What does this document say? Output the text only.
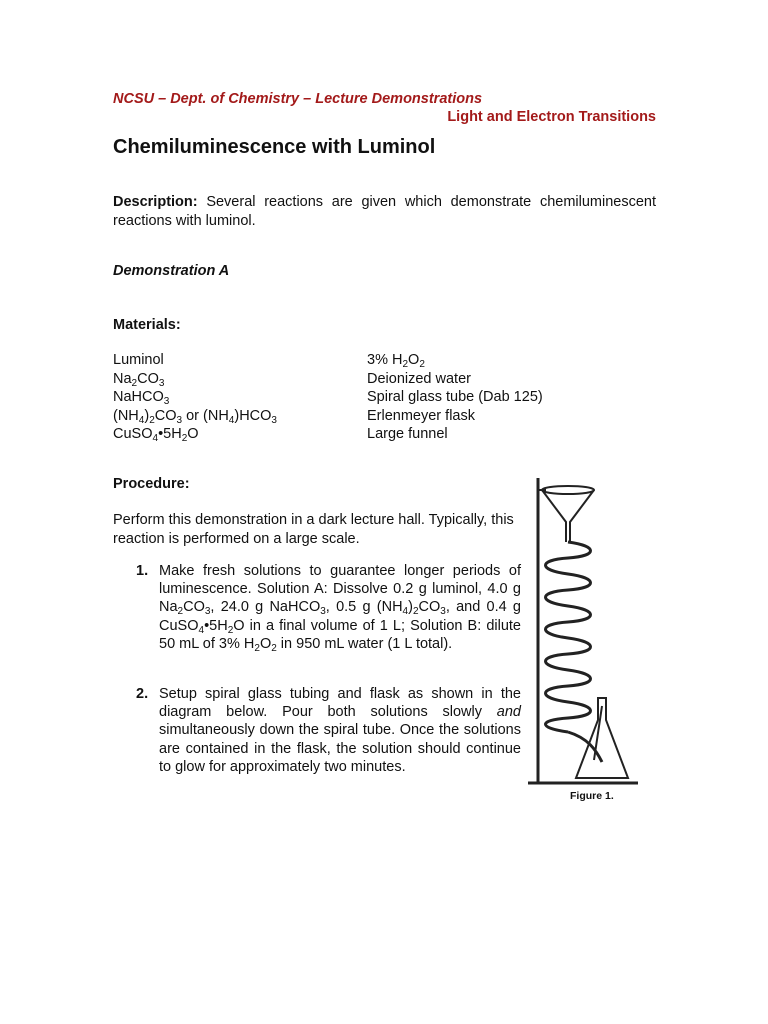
NCSU – Dept. of Chemistry – Lecture Demonstrations
Light and Electron Transitions
Chemiluminescence with Luminol

Description: Several reactions are given which demonstrate chemiluminescent reactions with luminol.

Demonstration A
Materials:
Luminol
$Na_2CO_3$
NaHCO$_3$
$(NH_4)_2CO_3$ or $(NH_4)HCO_3$
$CuSO_4•5H_2O$
3% $H_2O_2$
Deionized water
Spiral glass tube (Dab 125)
Erlenmeyer flask
Large funnel
Procedure:

Perform this demonstration in a dark lecture hall. Typically, this reaction is performed on a large scale.

1. Make fresh solutions to guarantee longer periods of luminescence. Solution A: Dissolve 0.2 g luminol, 4.0 g $Na_2CO_3$, 24.0 g NaHCO$_3$, 0.5 g $(NH_4)_2CO_3$, and 0.4 g $CuSO_4•5H_2O$ in a final volume of 1 L; Solution B: dilute 50 mL of 3% $H_2O_2$ in 950 mL water (1 L total).
2. Setup spiral glass tubing and flask as shown in the diagram below. Pour both solutions slowly and simultaneously down the spiral tube. Once the solutions are contained in the flask, the solution should continue to glow for approximately two minutes.
Figure 1.
